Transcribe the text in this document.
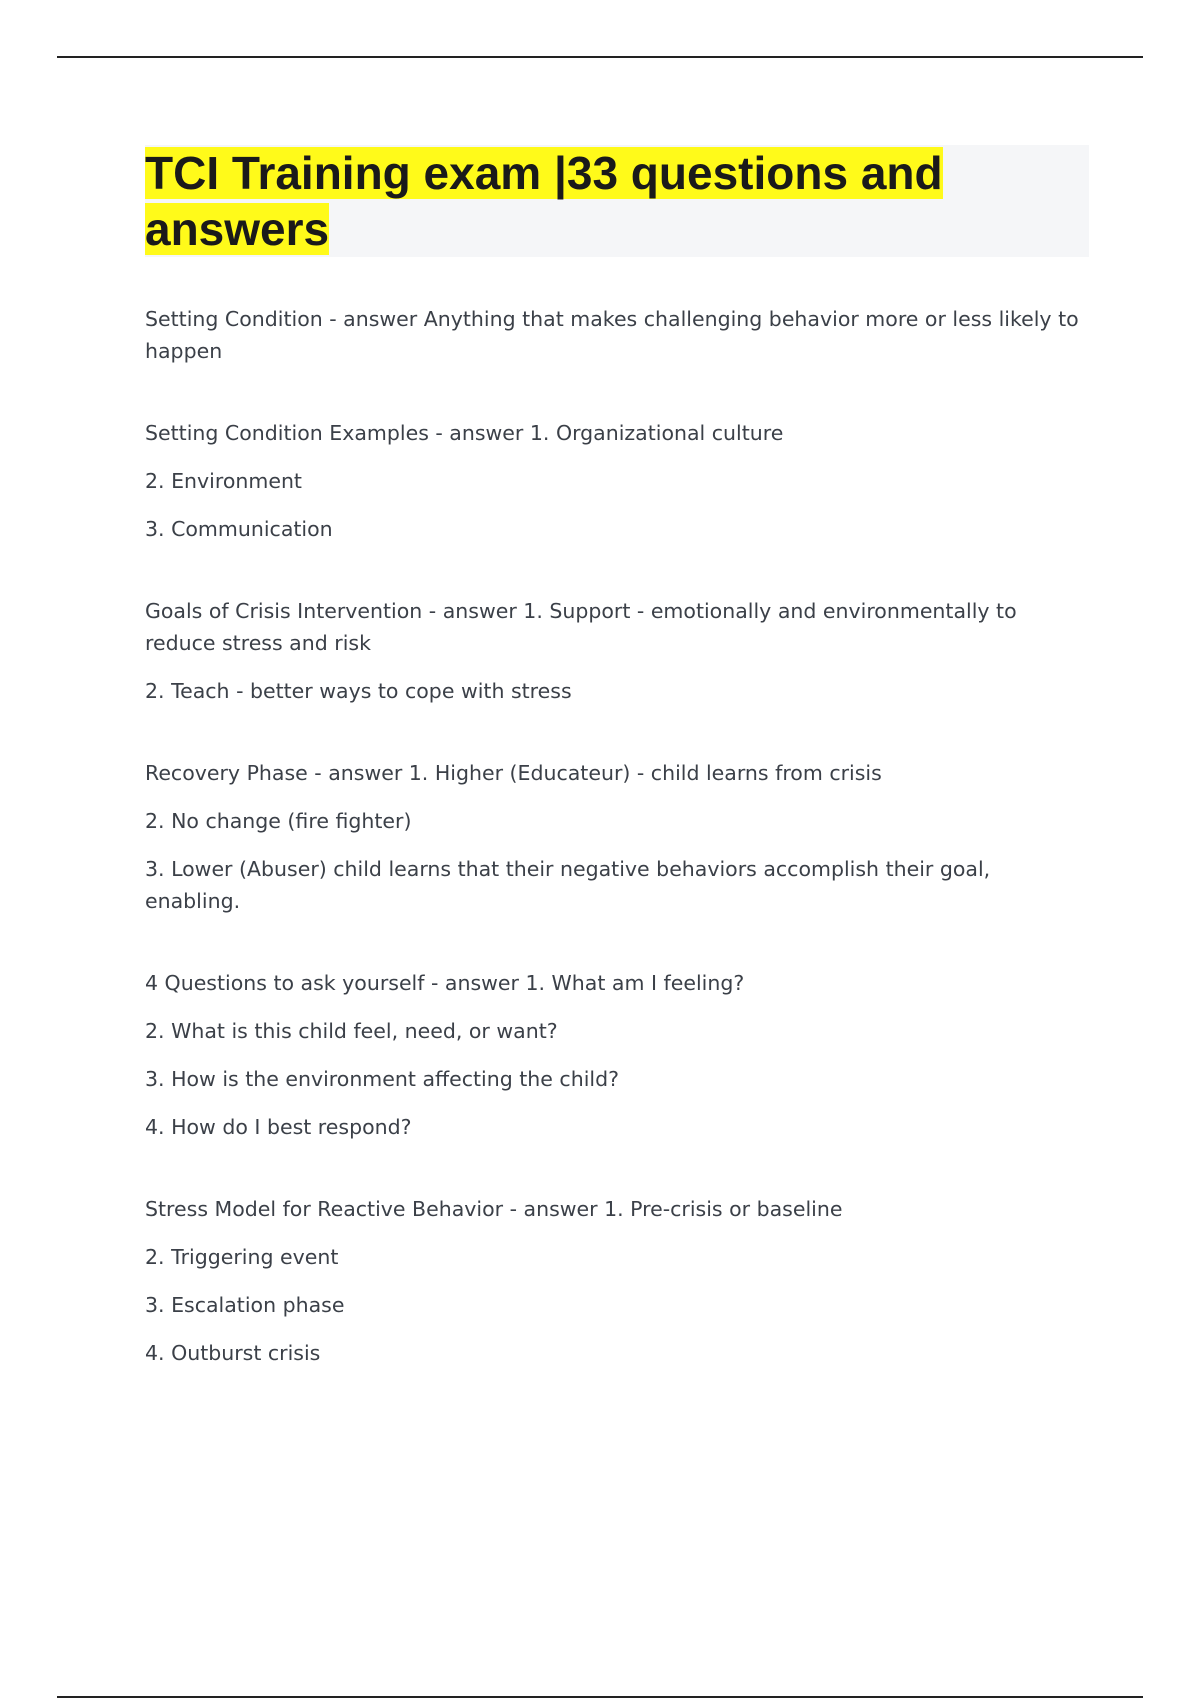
TCI Training exam |33 questions and answers

Setting Condition - answer Anything that makes challenging behavior more or less likely to happen

Setting Condition Examples - answer 1. Organizational culture

2. Environment

3. Communication

Goals of Crisis Intervention - answer 1. Support - emotionally and environmentally to reduce stress and risk

2. Teach - better ways to cope with stress

Recovery Phase - answer 1. Higher (Educateur) - child learns from crisis

2. No change (fire fighter)

3. Lower (Abuser) child learns that their negative behaviors accomplish their goal, enabling.

4 Questions to ask yourself - answer 1. What am I feeling?

2. What is this child feel, need, or want?

3. How is the environment affecting the child?

4. How do I best respond?

Stress Model for Reactive Behavior - answer 1. Pre-crisis or baseline

2. Triggering event

3. Escalation phase

4. Outburst crisis
